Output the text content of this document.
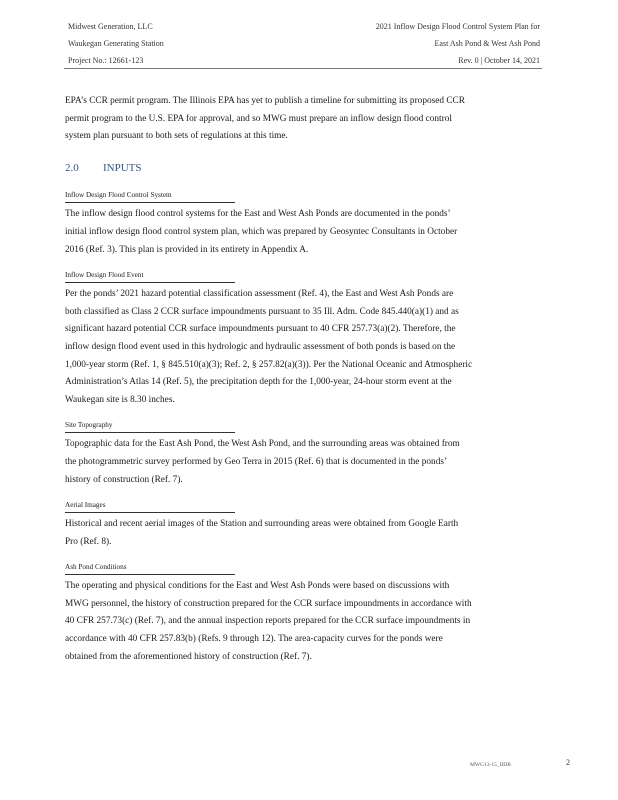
Midwest Generation, LLC
Waukegan Generating Station
Project No.: 12661-123
2021 Inflow Design Flood Control System Plan for
East Ash Pond & West Ash Pond
Rev. 0 | October 14, 2021

EPA’s CCR permit program. The Illinois EPA has yet to publish a timeline for submitting its proposed CCR

permit program to the U.S. EPA for approval, and so MWG must prepare an inflow design flood control

system plan pursuant to both sets of regulations at this time.

2.0 INPUTS
Inflow Design Flood Control System

The inflow design flood control systems for the East and West Ash Ponds are documented in the ponds’

initial inflow design flood control system plan, which was prepared by Geosyntec Consultants in October

2016 (Ref. 3). This plan is provided in its entirety in Appendix A.

Inflow Design Flood Event

Per the ponds’ 2021 hazard potential classification assessment (Ref. 4), the East and West Ash Ponds are

both classified as Class 2 CCR surface impoundments pursuant to 35 Ill. Adm. Code 845.440(a)(1) and as

significant hazard potential CCR surface impoundments pursuant to 40 CFR 257.73(a)(2). Therefore, the

inflow design flood event used in this hydrologic and hydraulic assessment of both ponds is based on the

1,000-year storm (Ref. 1, § 845.510(a)(3); Ref. 2, § 257.82(a)(3)). Per the National Oceanic and Atmospheric

Administration’s Atlas 14 (Ref. 5), the precipitation depth for the 1,000-year, 24-hour storm event at the

Waukegan site is 8.30 inches.

Site Topography

Topographic data for the East Ash Pond, the West Ash Pond, and the surrounding areas was obtained from

the photogrammetric survey performed by Geo Terra in 2015 (Ref. 6) that is documented in the ponds’

history of construction (Ref. 7).

Aerial Images

Historical and recent aerial images of the Station and surrounding areas were obtained from Google Earth

Pro (Ref. 8).

Ash Pond Conditions

The operating and physical conditions for the East and West Ash Ponds were based on discussions with

MWG personnel, the history of construction prepared for the CCR surface impoundments in accordance with

40 CFR 257.73(c) (Ref. 7), and the annual inspection reports prepared for the CCR surface impoundments in

accordance with 40 CFR 257.83(b) (Refs. 9 through 12). The area-capacity curves for the ponds were

obtained from the aforementioned history of construction (Ref. 7).

MWG13-15_IIDB	2
